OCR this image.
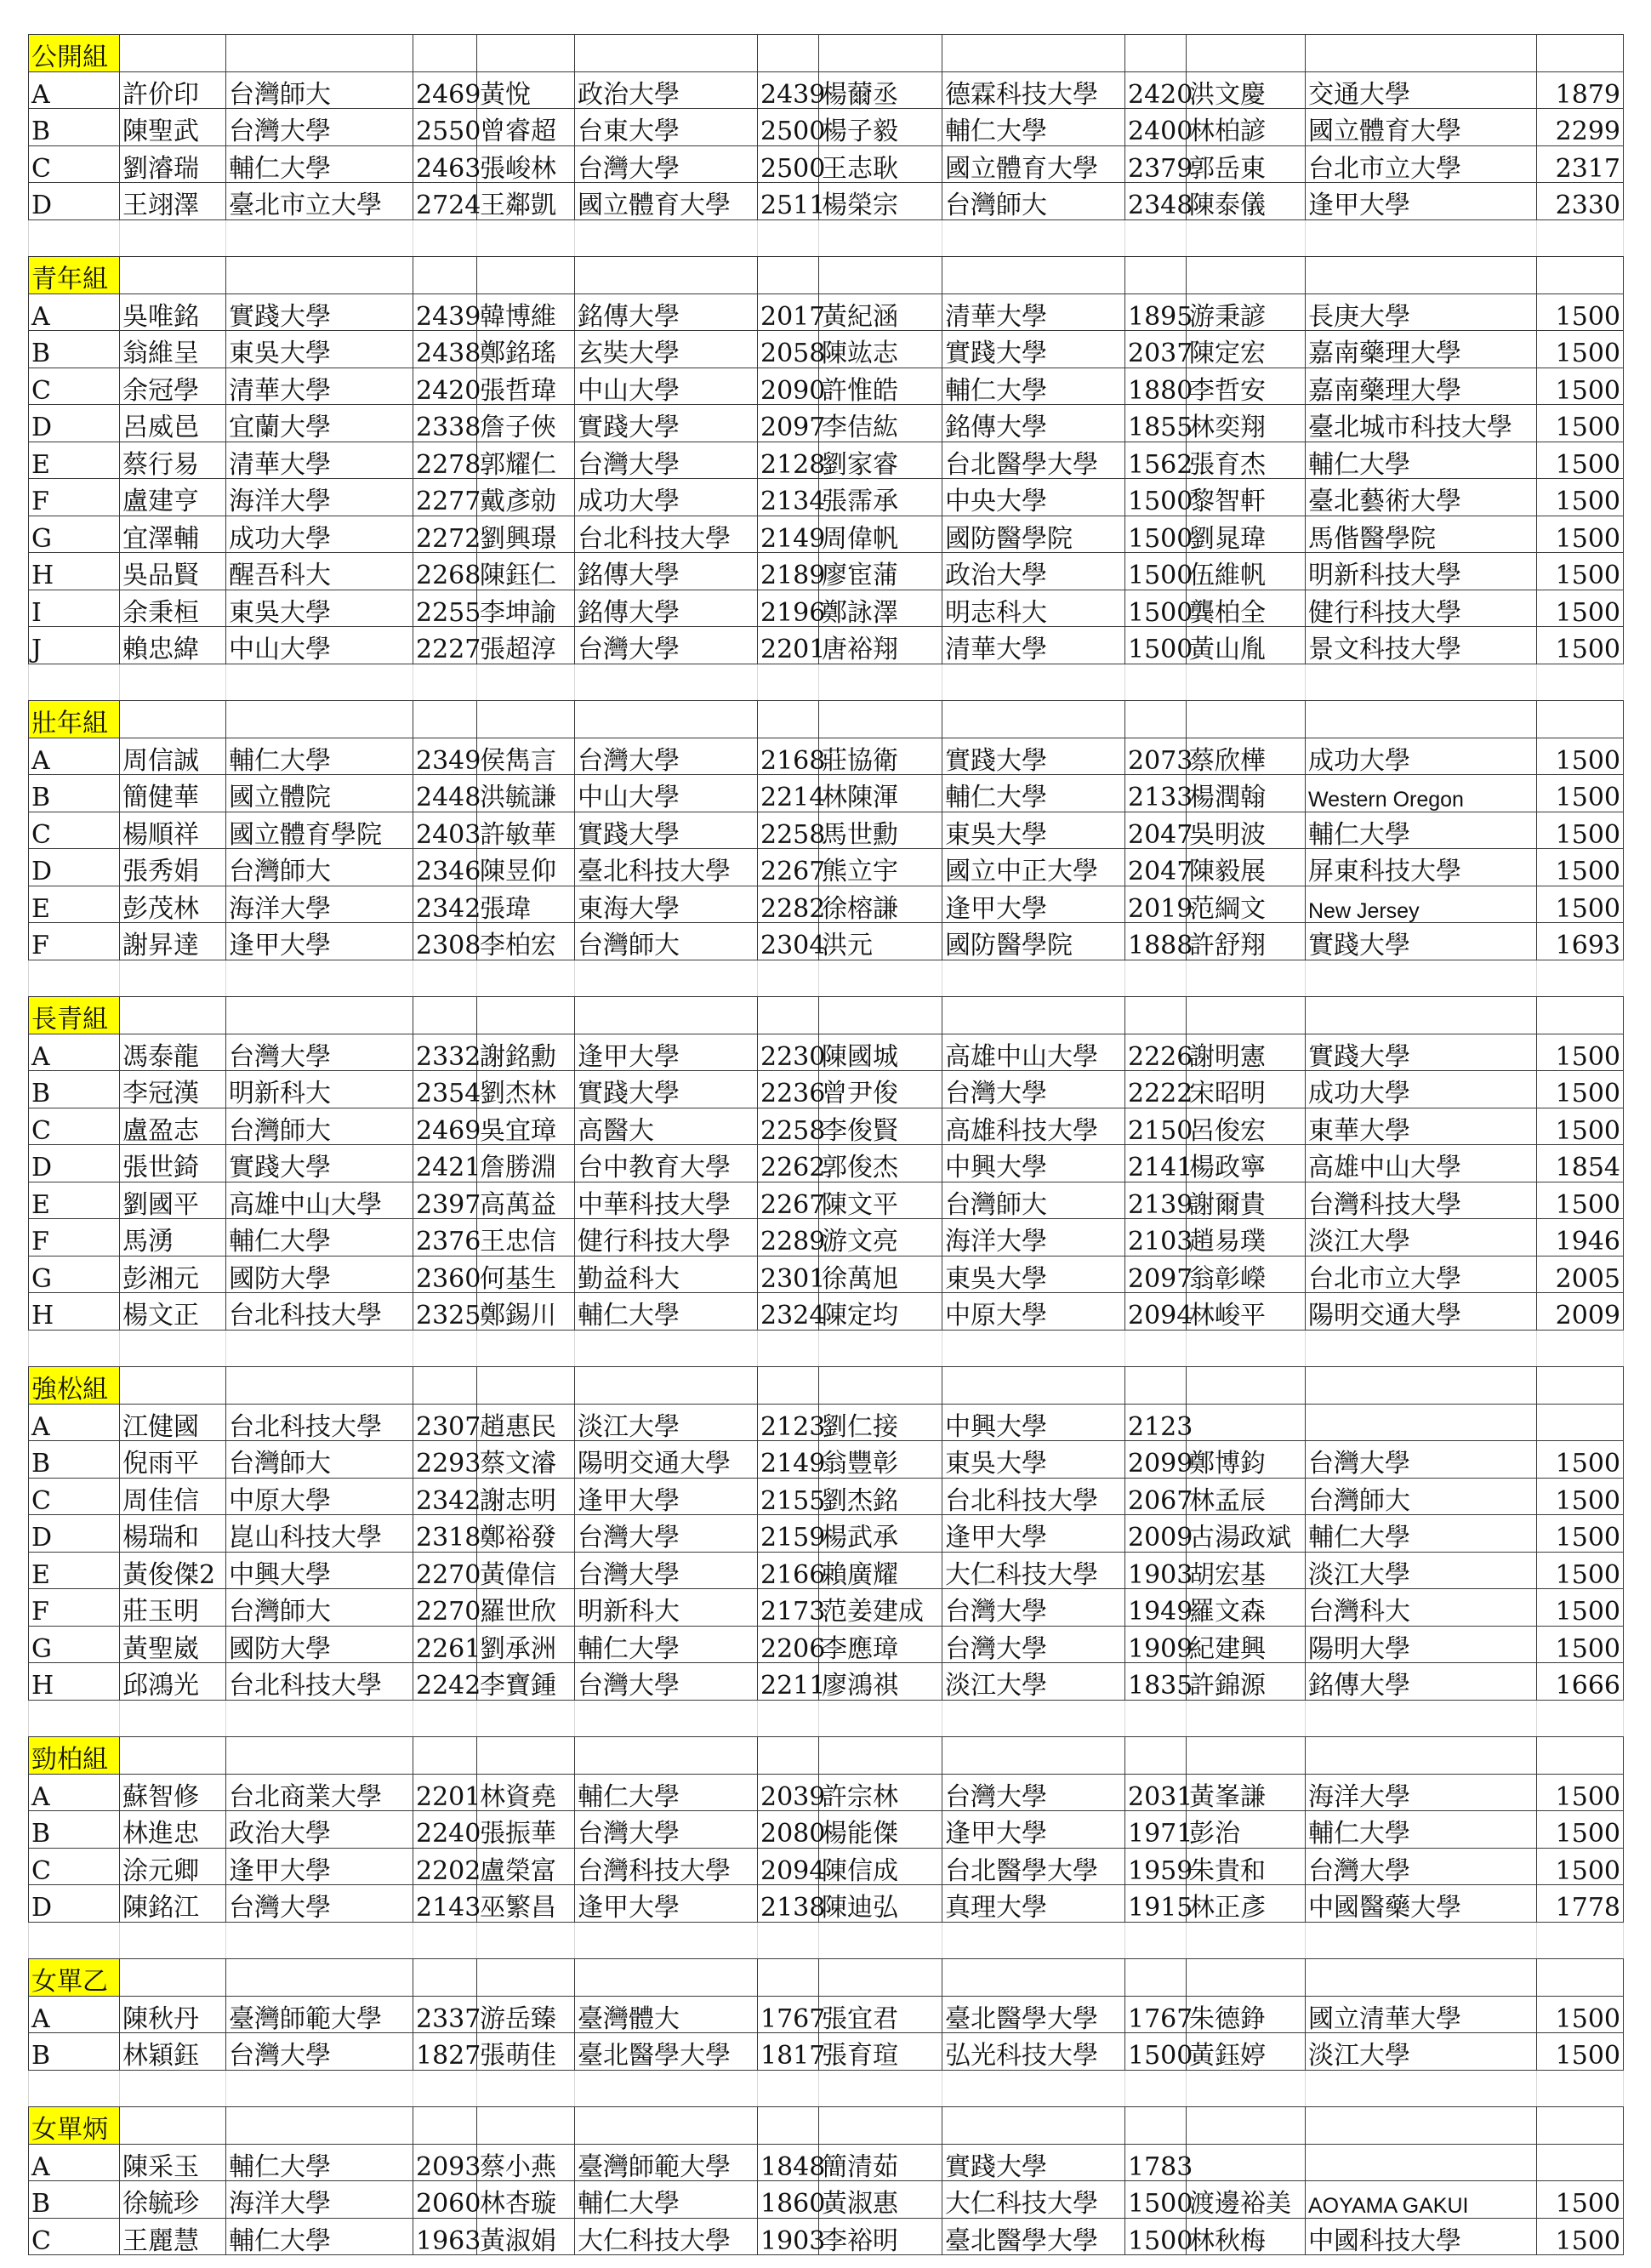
公開組												
A	許价印	台灣師大	2469	黃悅	政治大學	2439	楊薾丞	德霖科技大學	2420	洪文慶	交通大學	1879
B	陳聖武	台灣大學	2550	曾睿超	台東大學	2500	楊子毅	輔仁大學	2400	林柏諺	國立體育大學	2299
C	劉濬瑞	輔仁大學	2463	張峻林	台灣大學	2500	王志耿	國立體育大學	2379	郭岳東	台北市立大學	2317
D	王翊澤	臺北市立大學	2724	王鄰凱	國立體育大學	2511	楊榮宗	台灣師大	2348	陳泰儀	逢甲大學	2330

青年組												
A	吳唯銘	實踐大學	2439	韓博維	銘傳大學	2017	黃紀涵	清華大學	1895	游秉諺	長庚大學	1500
B	翁維呈	東吳大學	2438	鄭銘瑤	玄奘大學	2058	陳竑志	實踐大學	2037	陳定宏	嘉南藥理大學	1500
C	余冠學	清華大學	2420	張哲瑋	中山大學	2090	許惟皓	輔仁大學	1880	李哲安	嘉南藥理大學	1500
D	呂威邑	宜蘭大學	2338	詹子俠	實踐大學	2097	李佶紘	銘傳大學	1855	林奕翔	臺北城市科技大學	1500
E	蔡行易	清華大學	2278	郭耀仁	台灣大學	2128	劉家睿	台北醫學大學	1562	張育杰	輔仁大學	1500
F	盧建亨	海洋大學	2277	戴彥勍	成功大學	2134	張霈承	中央大學	1500	黎智軒	臺北藝術大學	1500
G	宜澤輔	成功大學	2272	劉興璟	台北科技大學	2149	周偉帆	國防醫學院	1500	劉晁瑋	馬偕醫學院	1500
H	吳品賢	醒吾科大	2268	陳鈺仁	銘傳大學	2189	廖宦蒲	政治大學	1500	伍維帆	明新科技大學	1500
I	余秉桓	東吳大學	2255	李坤諭	銘傳大學	2196	鄭詠澤	明志科大	1500	龔柏全	健行科技大學	1500
J	賴忠緯	中山大學	2227	張超淳	台灣大學	2201	唐裕翔	清華大學	1500	黃山胤	景文科技大學	1500

壯年組												
A	周信誠	輔仁大學	2349	侯雋言	台灣大學	2168	莊協衛	實踐大學	2073	蔡欣樺	成功大學	1500
B	簡健華	國立體院	2448	洪毓謙	中山大學	2214	林陳渾	輔仁大學	2133	楊潤翰	Western Oregon	1500
C	楊順祥	國立體育學院	2403	許敏華	實踐大學	2258	馬世勳	東吳大學	2047	吳明波	輔仁大學	1500
D	張秀娟	台灣師大	2346	陳昱仰	臺北科技大學	2267	熊立宇	國立中正大學	2047	陳毅展	屏東科技大學	1500
E	彭茂林	海洋大學	2342	張瑋	東海大學	2282	徐榕謙	逢甲大學	2019	范綱文	New Jersey	1500
F	謝昇達	逢甲大學	2308	李柏宏	台灣師大	2304	洪元	國防醫學院	1888	許舒翔	實踐大學	1693

長青組												
A	馮泰龍	台灣大學	2332	謝銘勳	逢甲大學	2230	陳國城	高雄中山大學	2226	謝明憲	實踐大學	1500
B	李冠漢	明新科大	2354	劉杰林	實踐大學	2236	曾尹俊	台灣大學	2222	宋昭明	成功大學	1500
C	盧盈志	台灣師大	2469	吳宜璋	高醫大	2258	李俊賢	高雄科技大學	2150	呂俊宏	東華大學	1500
D	張世錡	實踐大學	2421	詹勝淵	台中教育大學	2262	郭俊杰	中興大學	2141	楊政寧	高雄中山大學	1854
E	劉國平	高雄中山大學	2397	高萬益	中華科技大學	2267	陳文平	台灣師大	2139	謝爾貴	台灣科技大學	1500
F	馬湧	輔仁大學	2376	王忠信	健行科技大學	2289	游文亮	海洋大學	2103	趙易璞	淡江大學	1946
G	彭湘元	國防大學	2360	何基生	勤益科大	2301	徐萬旭	東吳大學	2097	翁彰嶸	台北市立大學	2005
H	楊文正	台北科技大學	2325	鄭錫川	輔仁大學	2324	陳定均	中原大學	2094	林峻平	陽明交通大學	2009

強松組												
A	江健國	台北科技大學	2307	趙惠民	淡江大學	2123	劉仁接	中興大學	2123			
B	倪雨平	台灣師大	2293	蔡文濬	陽明交通大學	2149	翁豐彰	東吳大學	2099	鄭博鈞	台灣大學	1500
C	周佳信	中原大學	2342	謝志明	逢甲大學	2155	劉杰銘	台北科技大學	2067	林孟辰	台灣師大	1500
D	楊瑞和	崑山科技大學	2318	鄭裕發	台灣大學	2159	楊武承	逢甲大學	2009	古湯政斌	輔仁大學	1500
E	黃俊傑2	中興大學	2270	黃偉信	台灣大學	2166	賴廣耀	大仁科技大學	1903	胡宏基	淡江大學	1500
F	莊玉明	台灣師大	2270	羅世欣	明新科大	2173	范姜建成	台灣大學	1949	羅文森	台灣科大	1500
G	黃聖崴	國防大學	2261	劉承洲	輔仁大學	2206	李應璋	台灣大學	1909	紀建興	陽明大學	1500
H	邱鴻光	台北科技大學	2242	李寶鍾	台灣大學	2211	廖鴻祺	淡江大學	1835	許錦源	銘傳大學	1666

勁柏組												
A	蘇智修	台北商業大學	2201	林資堯	輔仁大學	2039	許宗林	台灣大學	2031	黃峯謙	海洋大學	1500
B	林進忠	政治大學	2240	張振華	台灣大學	2080	楊能傑	逢甲大學	1971	彭治	輔仁大學	1500
C	涂元卿	逢甲大學	2202	盧榮富	台灣科技大學	2094	陳信成	台北醫學大學	1959	朱貴和	台灣大學	1500
D	陳銘江	台灣大學	2143	巫繁昌	逢甲大學	2138	陳迪弘	真理大學	1915	林正彥	中國醫藥大學	1778

女單乙												
A	陳秋丹	臺灣師範大學	2337	游岳臻	臺灣體大	1767	張宜君	臺北醫學大學	1767	朱德錚	國立清華大學	1500
B	林穎鈺	台灣大學	1827	張萌佳	臺北醫學大學	1817	張育瑄	弘光科技大學	1500	黃鈺婷	淡江大學	1500

女單炳												
A	陳采玉	輔仁大學	2093	蔡小燕	臺灣師範大學	1848	簡清茹	實踐大學	1783			
B	徐毓珍	海洋大學	2060	林杏璇	輔仁大學	1860	黃淑惠	大仁科技大學	1500	渡邊裕美	AOYAMA GAKUI	1500
C	王麗慧	輔仁大學	1963	黃淑娟	大仁科技大學	1903	李裕明	臺北醫學大學	1500	林秋梅	中國科技大學	1500
